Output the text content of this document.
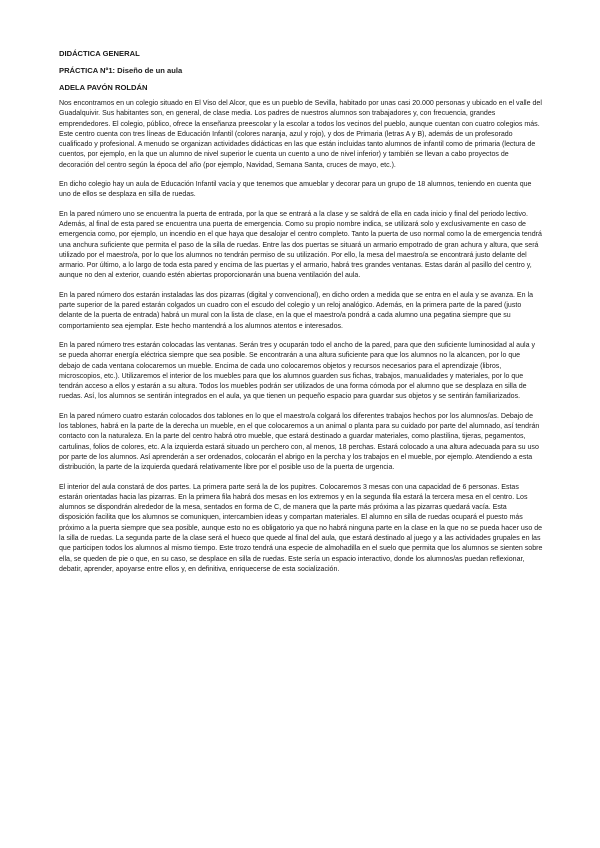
DIDÁCTICA GENERAL

PRÁCTICA Nº1: Diseño de un aula

ADELA PAVÓN ROLDÁN

Nos encontramos en un colegio situado en El Viso del Alcor, que es un pueblo de Sevilla, habitado por unas casi 20.000 personas y ubicado en el valle del Guadalquivir. Sus habitantes son, en general, de clase media. Los padres de nuestros alumnos son trabajadores y, con frecuencia, grandes emprendedores. El colegio, público, ofrece la enseñanza preescolar y la escolar a todos los vecinos del pueblo, aunque cuentan con cuatro colegios más. Este centro cuenta con tres líneas de Educación Infantil (colores naranja, azul y rojo), y dos de Primaria (letras A y B), además de un profesorado cualificado y profesional. A menudo se organizan actividades didácticas en las que están incluidas tanto alumnos de infantil como de primaria (lectura de cuentos, por ejemplo, en la que un alumno de nivel superior le cuenta un cuento a uno de nivel inferior) y también se llevan a cabo proyectos de decoración del centro según la época del año (por ejemplo, Navidad, Semana Santa, cruces de mayo, etc.).

En dicho colegio hay un aula de Educación Infantil vacía y que tenemos que amueblar y decorar para un grupo de 18 alumnos, teniendo en cuenta que uno de ellos se desplaza en silla de ruedas.

En la pared número uno se encuentra la puerta de entrada, por la que se entrará a la clase y se saldrá de ella en cada inicio y final del periodo lectivo. Además, al final de esta pared se encuentra una puerta de emergencia. Como su propio nombre indica, se utilizará solo y exclusivamente en caso de emergencia como, por ejemplo, un incendio en el que haya que desalojar el centro completo. Tanto la puerta de uso normal como la de emergencia tendrá una anchura suficiente que permita el paso de la silla de ruedas. Entre las dos puertas se situará un armario empotrado de gran achura y altura, que será utilizado por el maestro/a, por lo que los alumnos no tendrán permiso de su utilización. Por ello, la mesa del maestro/a se encontrará justo delante del armario. Por último, a lo largo de toda esta pared y encima de las puertas y el armario, habrá tres grandes ventanas. Estas darán al pasillo del centro y, aunque no den al exterior, cuando estén abiertas proporcionarán una buena ventilación del aula.

En la pared número dos estarán instaladas las dos pizarras (digital y convencional), en dicho orden a medida que se entra en el aula y se avanza. En la parte superior de la pared estarán colgados un cuadro con el escudo del colegio y un reloj analógico. Además, en la primera parte de la pared (justo delante de la puerta de entrada) habrá un mural con la lista de clase, en la que el maestro/a pondrá a cada alumno una pegatina siempre que su comportamiento sea ejemplar. Este hecho mantendrá a los alumnos atentos e interesados.

En la pared número tres estarán colocadas las ventanas. Serán tres y ocuparán todo el ancho de la pared, para que den suficiente luminosidad al aula y se pueda ahorrar energía eléctrica siempre que sea posible. Se encontrarán a una altura suficiente para que los alumnos no la alcancen, por lo que debajo de cada ventana colocaremos un mueble. Encima de cada uno colocaremos objetos y recursos necesarios para el aprendizaje (libros, microscopios, etc.). Utilizaremos el interior de los muebles para que los alumnos guarden sus fichas, trabajos, manualidades y materiales, por lo que tendrán acceso a ellos y estarán a su altura. Todos los muebles podrán ser utilizados de una forma cómoda por el alumno que se desplaza en silla de ruedas. Así, los alumnos se sentirán integrados en el aula, ya que tienen un pequeño espacio para guardar sus objetos y se sentirán familiarizados.

En la pared número cuatro estarán colocados dos tablones en lo que el maestro/a colgará los diferentes trabajos hechos por los alumnos/as. Debajo de los tablones, habrá en la parte de la derecha un mueble, en el que colocaremos a un animal o planta para su cuidado por parte del alumnado, así tendrán contacto con la naturaleza. En la parte del centro habrá otro mueble, que estará destinado a guardar materiales, como plastilina, tijeras, pegamentos, cartulinas, folios de colores, etc. A la izquierda estará situado un perchero con, al menos, 18 perchas. Estará colocado a una altura adecuada para su uso por parte de los alumnos. Así aprenderán a ser ordenados, colocarán el abrigo en la percha y los trabajos en el mueble, por ejemplo. Atendiendo a esta distribución, la parte de la izquierda quedará relativamente libre por el posible uso de la puerta de urgencia.

El interior del aula constará de dos partes. La primera parte será la de los pupitres. Colocaremos 3 mesas con una capacidad de 6 personas. Estas estarán orientadas hacia las pizarras. En la primera fila habrá dos mesas en los extremos y en la segunda fila estará la tercera mesa en el centro. Los alumnos se dispondrán alrededor de la mesa, sentados en forma de C, de manera que la parte más próxima a las pizarras quedará vacía. Esta disposición facilita que los alumnos se comuniquen, intercambien ideas y compartan materiales. El alumno en silla de ruedas ocupará el puesto más próximo a la puerta siempre que sea posible, aunque esto no es obligatorio ya que no habrá ninguna parte en la clase en la que no se pueda hacer uso de la silla de ruedas. La segunda parte de la clase será el hueco que quede al final del aula, que estará destinado al juego y a las actividades grupales en las que participen todos los alumnos al mismo tiempo. Este trozo tendrá una especie de almohadilla en el suelo que permita que los alumnos se sienten sobre ella, se queden de pie o que, en su caso, se desplace en silla de ruedas. Este sería un espacio interactivo, donde los alumnos/as puedan reflexionar, debatir, aprender, apoyarse entre ellos y, en definitiva, enriquecerse de esta socialización.
